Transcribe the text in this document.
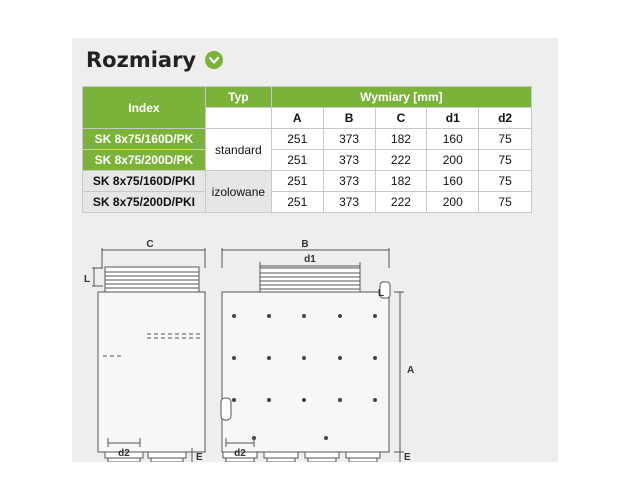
Rozmiary
Index	Typ	Wymiary [mm]				
		A	B	C	d1	d2
SK 8x75/160D/PK	standard	251	373	182	160	75
SK 8x75/200D/PK		251	373	222	200	75
SK 8x75/160D/PKI	izolowane	251	373	182	160	75
SK 8x75/200D/PKI		251	373	222	200	75
C	B
d1
A
L
L
E	E
d2	d2
